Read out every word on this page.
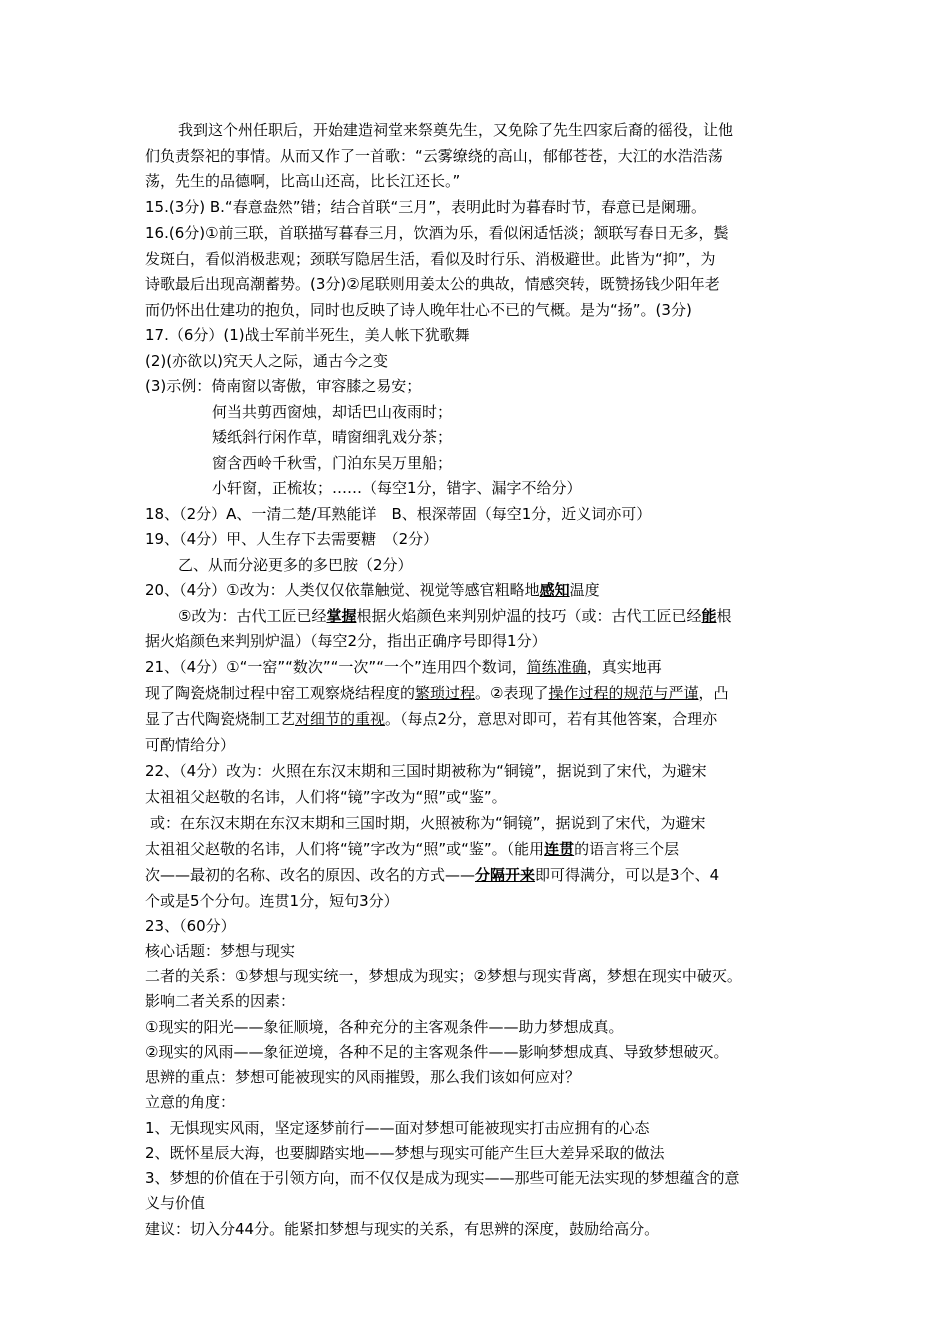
我到这个州任职后，开始建造祠堂来祭奠先生，又免除了先生四家后裔的徭役，让他
们负责祭祀的事情。从而又作了一首歌：“云雾缭绕的高山，郁郁苍苍，大江的水浩浩荡
荡，先生的品德啊，比高山还高，比长江还长。”
15.(3分) B.“春意盎然”错；结合首联“三月”，表明此时为暮春时节，春意已是阑珊。
16.(6分)①前三联，首联描写暮春三月，饮酒为乐，看似闲适恬淡；颔联写春日无多，鬓
发斑白，看似消极悲观；颈联写隐居生活，看似及时行乐、消极避世。此皆为“抑”，为
诗歌最后出现高潮蓄势。(3分)②尾联则用姜太公的典故，情感突转，既赞扬钱少阳年老
而仍怀出仕建功的抱负，同时也反映了诗人晚年壮心不已的气概。是为“扬”。(3分)
17.（6分）(1)战士军前半死生，美人帐下犹歌舞
(2)(亦欲以)究天人之际，通古今之变
(3)示例：倚南窗以寄傲，审容膝之易安；
何当共剪西窗烛，却话巴山夜雨时；
矮纸斜行闲作草，晴窗细乳戏分茶；
窗含西岭千秋雪，门泊东吴万里船；
小轩窗，正梳妆；……（每空1分，错字、漏字不给分）
18、（2分）A、一清二楚/耳熟能详　B、根深蒂固（每空1分，近义词亦可）
19、（4分）甲、人生存下去需要糖　（2分）
乙、从而分泌更多的多巴胺（2分）
20、（4分）①改为：人类仅仅依靠触觉、视觉等感官粗略地感知温度
⑤改为：古代工匠已经掌握根据火焰颜色来判别炉温的技巧（或：古代工匠已经能根
据火焰颜色来判别炉温）（每空2分，指出正确序号即得1分）
21、（4分）①“一窑”“数次”“一次”“一个”连用四个数词，简练准确，真实地再
现了陶瓷烧制过程中窑工观察烧结程度的繁琐过程。②表现了操作过程的规范与严谨，凸
显了古代陶瓷烧制工艺对细节的重视。（每点2分，意思对即可，若有其他答案，合理亦
可酌情给分）
22、（4分）改为：火照在东汉末期和三国时期被称为“铜镜”，据说到了宋代，为避宋
太祖祖父赵敬的名讳，人们将“镜”字改为“照”或“鉴”。
或：在东汉末期在东汉末期和三国时期，火照被称为“铜镜”，据说到了宋代，为避宋
太祖祖父赵敬的名讳，人们将“镜”字改为“照”或“鉴”。（能用连贯的语言将三个层
次——最初的名称、改名的原因、改名的方式——分隔开来即可得满分，可以是3个、4
个或是5个分句。连贯1分，短句3分）
23、（60分）
核心话题：梦想与现实
二者的关系：①梦想与现实统一，梦想成为现实；②梦想与现实背离，梦想在现实中破灭。
影响二者关系的因素：
①现实的阳光——象征顺境，各种充分的主客观条件——助力梦想成真。
②现实的风雨——象征逆境，各种不足的主客观条件——影响梦想成真、导致梦想破灭。
思辨的重点：梦想可能被现实的风雨摧毁，那么我们该如何应对？
立意的角度：
1、无惧现实风雨，坚定逐梦前行——面对梦想可能被现实打击应拥有的心态
2、既怀星辰大海，也要脚踏实地——梦想与现实可能产生巨大差异采取的做法
3、梦想的价值在于引领方向，而不仅仅是成为现实——那些可能无法实现的梦想蕴含的意
义与价值
建议：切入分44分。能紧扣梦想与现实的关系，有思辨的深度，鼓励给高分。
